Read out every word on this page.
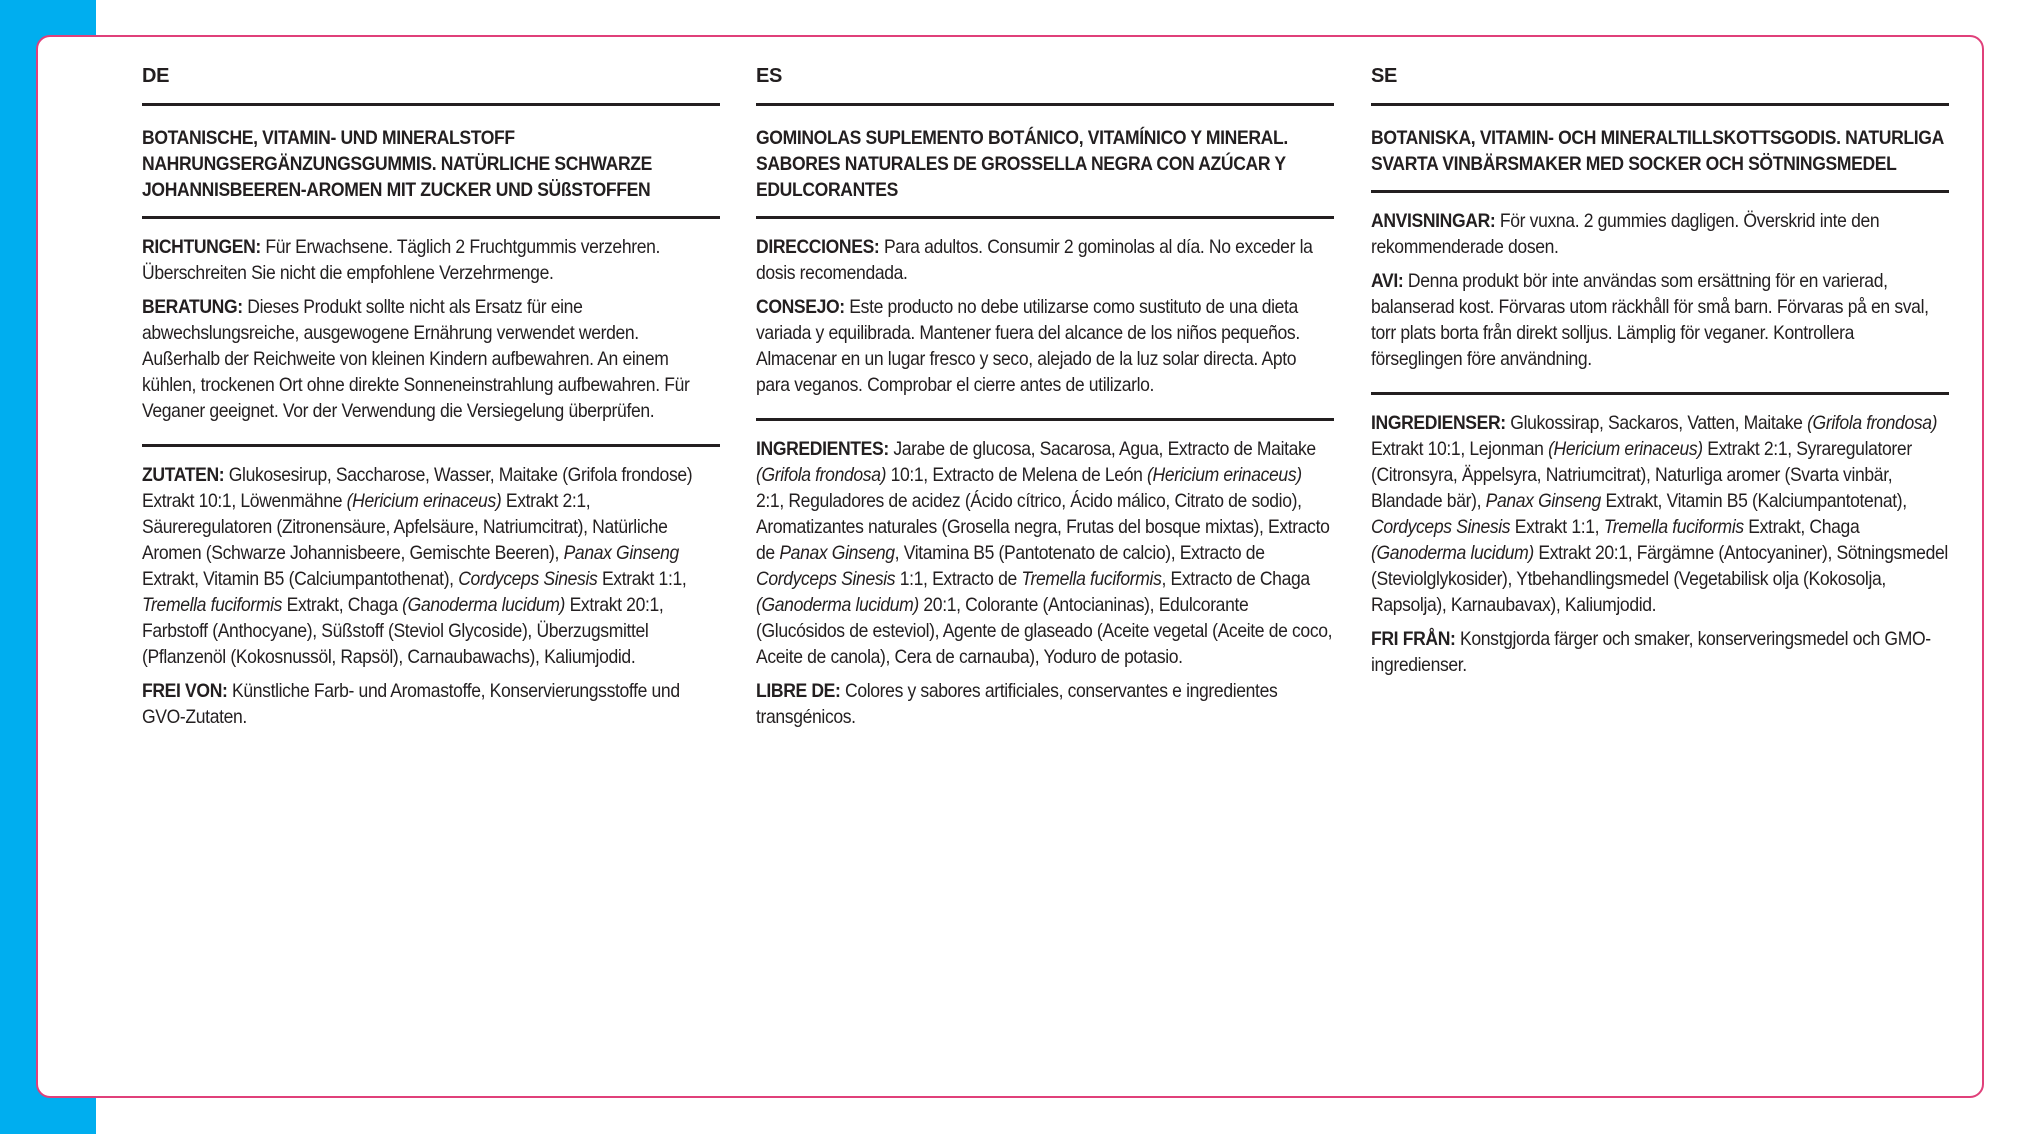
DE
BOTANISCHE, VITAMIN- UND MINERALSTOFF NAHRUNGSERGÄNZUNGSGUMMIS. NATÜRLICHE SCHWARZE JOHANNISBEEREN-AROMEN MIT ZUCKER UND SÜßSTOFFEN

RICHTUNGEN: Für Erwachsene. Täglich 2 Fruchtgummis verzehren. Überschreiten Sie nicht die empfohlene Verzehrmenge.

BERATUNG: Dieses Produkt sollte nicht als Ersatz für eine abwechslungsreiche, ausgewogene Ernährung verwendet werden. Außerhalb der Reichweite von kleinen Kindern aufbewahren. An einem kühlen, trockenen Ort ohne direkte Sonneneinstrahlung aufbewahren. Für Veganer geeignet. Vor der Verwendung die Versiegelung überprüfen.

ZUTATEN: Glukosesirup, Saccharose, Wasser, Maitake (Grifola frondose) Extrakt 10:1, Löwenmähne (Hericium erinaceus) Extrakt 2:1, Säureregulatoren (Zitronensäure, Apfelsäure, Natriumcitrat), Natürliche Aromen (Schwarze Johannisbeere, Gemischte Beeren), Panax Ginseng Extrakt, Vitamin B5 (Calciumpantothenat), Cordyceps Sinesis Extrakt 1:1, Tremella fuciformis Extrakt, Chaga (Ganoderma lucidum) Extrakt 20:1, Farbstoff (Anthocyane), Süßstoff (Steviol Glycoside), Überzugsmittel (Pflanzenöl (Kokosnussöl, Rapsöl), Carnaubawachs), Kaliumjodid.

FREI VON: Künstliche Farb- und Aromastoffe, Konservierungsstoffe und GVO-Zutaten.

ES
GOMINOLAS SUPLEMENTO BOTÁNICO, VITAMÍNICO Y MINERAL. SABORES NATURALES DE GROSSELLA NEGRA CON AZÚCAR Y EDULCORANTES

DIRECCIONES: Para adultos. Consumir 2 gominolas al día. No exceder la dosis recomendada.

CONSEJO: Este producto no debe utilizarse como sustituto de una dieta variada y equilibrada. Mantener fuera del alcance de los niños pequeños. Almacenar en un lugar fresco y seco, alejado de la luz solar directa. Apto para veganos. Comprobar el cierre antes de utilizarlo.

INGREDIENTES: Jarabe de glucosa, Sacarosa, Agua, Extracto de Maitake (Grifola frondosa) 10:1, Extracto de Melena de León (Hericium erinaceus) 2:1, Reguladores de acidez (Ácido cítrico, Ácido málico, Citrato de sodio), Aromatizantes naturales (Grosella negra, Frutas del bosque mixtas), Extracto de Panax Ginseng, Vitamina B5 (Pantotenato de calcio), Extracto de Cordyceps Sinesis 1:1, Extracto de Tremella fuciformis, Extracto de Chaga (Ganoderma lucidum) 20:1, Colorante (Antocianinas), Edulcorante (Glucósidos de esteviol), Agente de glaseado (Aceite vegetal (Aceite de coco, Aceite de canola), Cera de carnauba), Yoduro de potasio.

LIBRE DE: Colores y sabores artificiales, conservantes e ingredientes transgénicos.

SE
BOTANISKA, VITAMIN- OCH MINERALTILLSKOTTSGODIS. NATURLIGA SVARTA VINBÄRSMAKER MED SOCKER OCH SÖTNINGSMEDEL

ANVISNINGAR: För vuxna. 2 gummies dagligen. Överskrid inte den rekommenderade dosen.

AVI: Denna produkt bör inte användas som ersättning för en varierad, balanserad kost. Förvaras utom räckhåll för små barn. Förvaras på en sval, torr plats borta från direkt solljus. Lämplig för veganer. Kontrollera förseglingen före användning.

INGREDIENSER: Glukossirap, Sackaros, Vatten, Maitake (Grifola frondosa) Extrakt 10:1, Lejonman (Hericium erinaceus) Extrakt 2:1, Syraregulatorer (Citronsyra, Äppelsyra, Natriumcitrat), Naturliga aromer (Svarta vinbär, Blandade bär), Panax Ginseng Extrakt, Vitamin B5 (Kalciumpantotenat), Cordyceps Sinesis Extrakt 1:1, Tremella fuciformis Extrakt, Chaga (Ganoderma lucidum) Extrakt 20:1, Färgämne (Antocyaniner), Sötningsmedel (Steviolglykosider), Ytbehandlingsmedel (Vegetabilisk olja (Kokosolja, Rapsolja), Karnaubavax), Kaliumjodid.

FRI FRÅN: Konstgjorda färger och smaker, konserveringsmedel och GMO-ingredienser.
